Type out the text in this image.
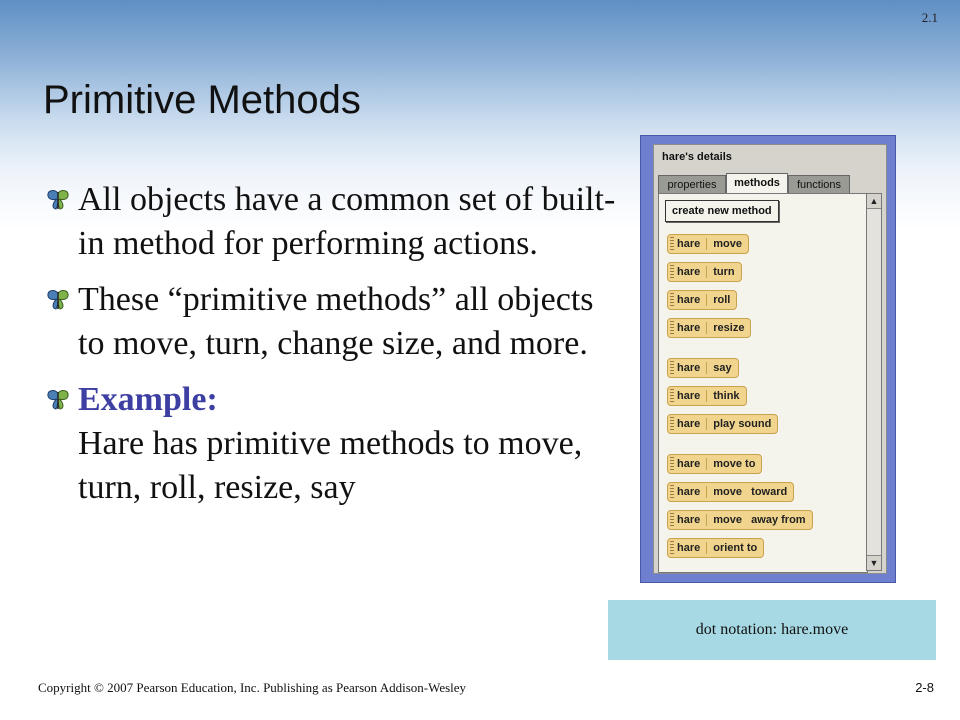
2.1
Primitive Methods
All objects have a common set of built-in method for performing actions.
These “primitive methods” all objects to move, turn, change size, and more.
Example:
Hare has primitive methods to move, turn, roll, resize, say
hare's details
properties	methods	functions
create new method
hare	move
hare	turn
hare	roll
hare	resize
hare	say
hare	think
hare	play sound
hare	move to
hare	move   toward
hare	move   away from
hare	orient to
▲
▼
dot notation: hare.move
Copyright © 2007 Pearson Education, Inc. Publishing as Pearson Addison-Wesley	2-8
